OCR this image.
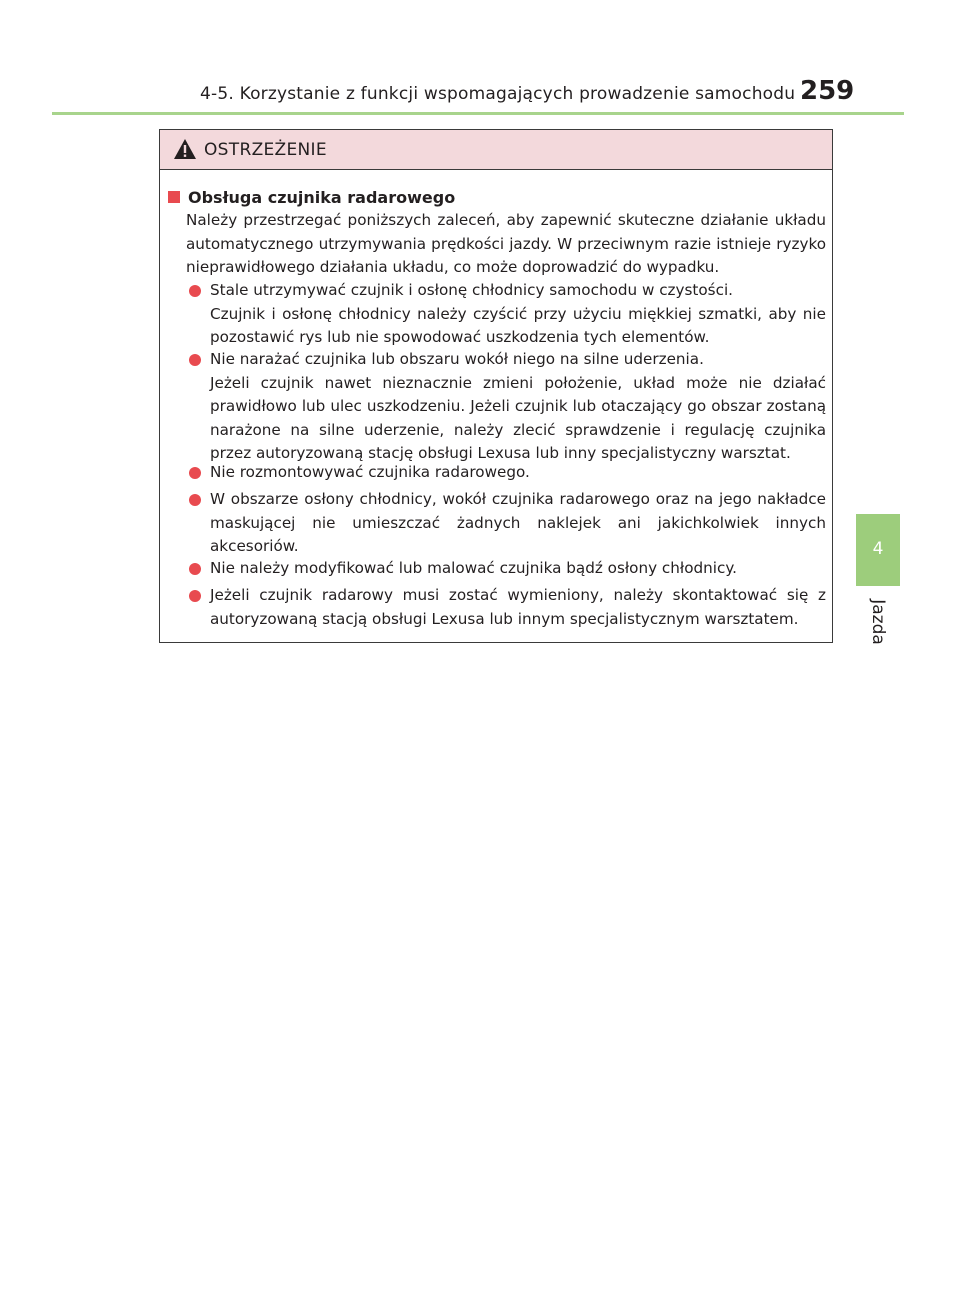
4-5. Korzystanie z funkcji wspomagających prowadzenie samochodu 259
4
Jazda
OSTRZEŻENIE
Obsługa czujnika radarowego
Należy przestrzegać poniższych zaleceń, aby zapewnić skuteczne działanie układu automatycznego utrzymywania prędkości jazdy. W przeciwnym razie istnieje ryzyko nieprawidłowego działania układu, co może doprowadzić do wypadku.

Stale utrzymywać czujnik i osłonę chłodnicy samochodu w czystości.

Czujnik i osłonę chłodnicy należy czyścić przy użyciu miękkiej szmatki, aby nie pozostawić rys lub nie spowodować uszkodzenia tych elementów.

Nie narażać czujnika lub obszaru wokół niego na silne uderzenia.

Jeżeli czujnik nawet nieznacznie zmieni położenie, układ może nie działać prawidłowo lub ulec uszkodzeniu. Jeżeli czujnik lub otaczający go obszar zostaną narażone na silne uderzenie, należy zlecić sprawdzenie i regulację czujnika przez autoryzowaną stację obsługi Lexusa lub inny specjalistyczny warsztat.

Nie rozmontowywać czujnika radarowego.

W obszarze osłony chłodnicy, wokół czujnika radarowego oraz na jego nakładce maskującej nie umieszczać żadnych naklejek ani jakichkolwiek innych akcesoriów.

Nie należy modyfikować lub malować czujnika bądź osłony chłodnicy.

Jeżeli czujnik radarowy musi zostać wymieniony, należy skontaktować się z autoryzowaną stacją obsługi Lexusa lub innym specjalistycznym warsztatem.
